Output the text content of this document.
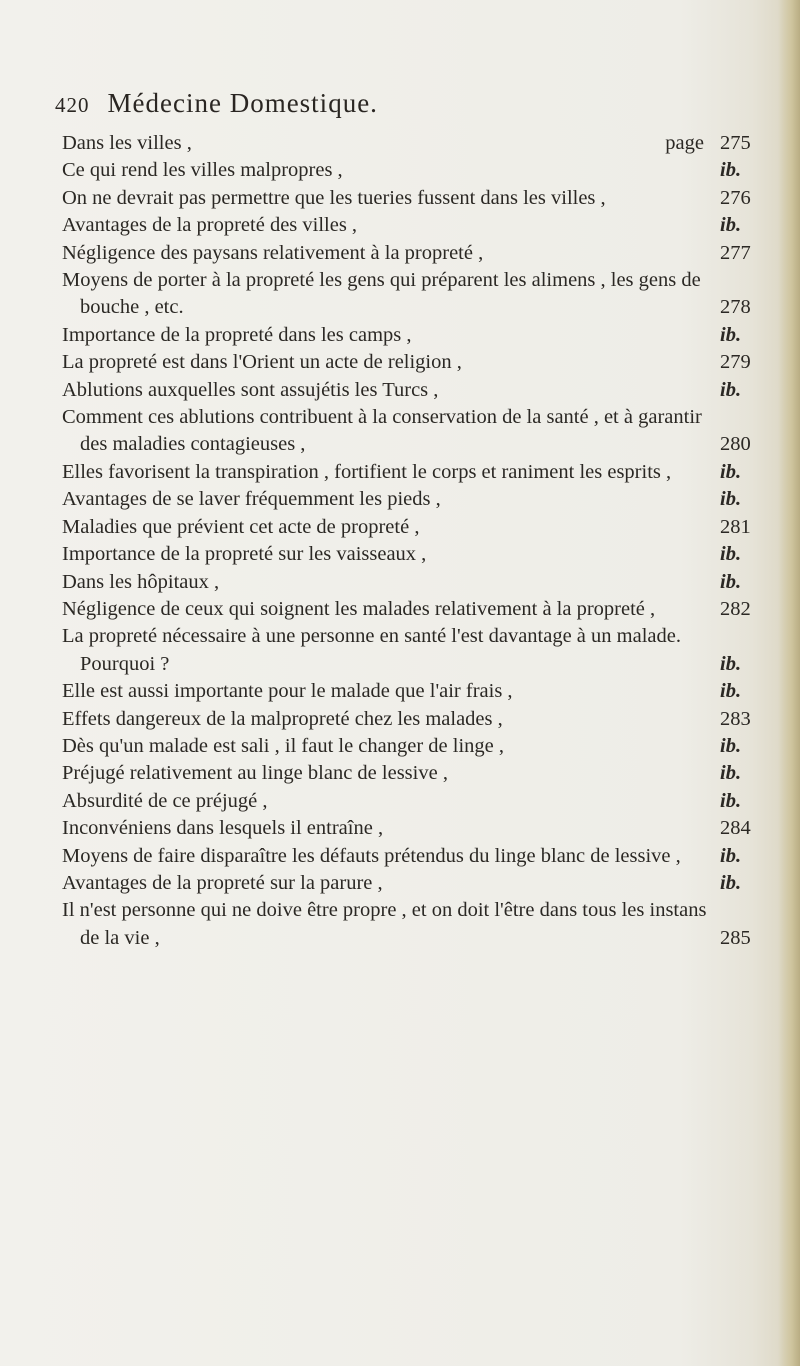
420 Médecine Domestique.
Dans les villes ,	page 275
Ce qui rend les villes malpropres ,	ib.
On ne devrait pas permettre que les tueries fussent dans les villes ,	276
Avantages de la propreté des villes ,	ib.
Négligence des paysans relativement à la propreté ,	277
Moyens de porter à la propreté les gens qui préparent les alimens , les gens de bouche , etc.	278
Importance de la propreté dans les camps ,	ib.
La propreté est dans l'Orient un acte de religion ,	279
Ablutions auxquelles sont assujétis les Turcs ,	ib.
Comment ces ablutions contribuent à la conservation de la santé , et à garantir des maladies contagieuses ,	280
Elles favorisent la transpiration , fortifient le corps et raniment les esprits ,	ib.
Avantages de se laver fréquemment les pieds ,	ib.
Maladies que prévient cet acte de propreté ,	281
Importance de la propreté sur les vaisseaux ,	ib.
Dans les hôpitaux ,	ib.
Négligence de ceux qui soignent les malades relativement à la propreté ,	282
La propreté nécessaire à une personne en santé l'est davantage à un malade. Pourquoi ?	ib.
Elle est aussi importante pour le malade que l'air frais ,	ib.
Effets dangereux de la malpropreté chez les malades ,	283
Dès qu'un malade est sali , il faut le changer de linge ,	ib.
Préjugé relativement au linge blanc de lessive ,	ib.
Absurdité de ce préjugé ,	ib.
Inconvéniens dans lesquels il entraîne ,	284
Moyens de faire disparaître les défauts prétendus du linge blanc de lessive ,	ib.
Avantages de la propreté sur la parure ,	ib.
Il n'est personne qui ne doive être propre , et on doit l'être dans tous les instans de la vie ,	285
